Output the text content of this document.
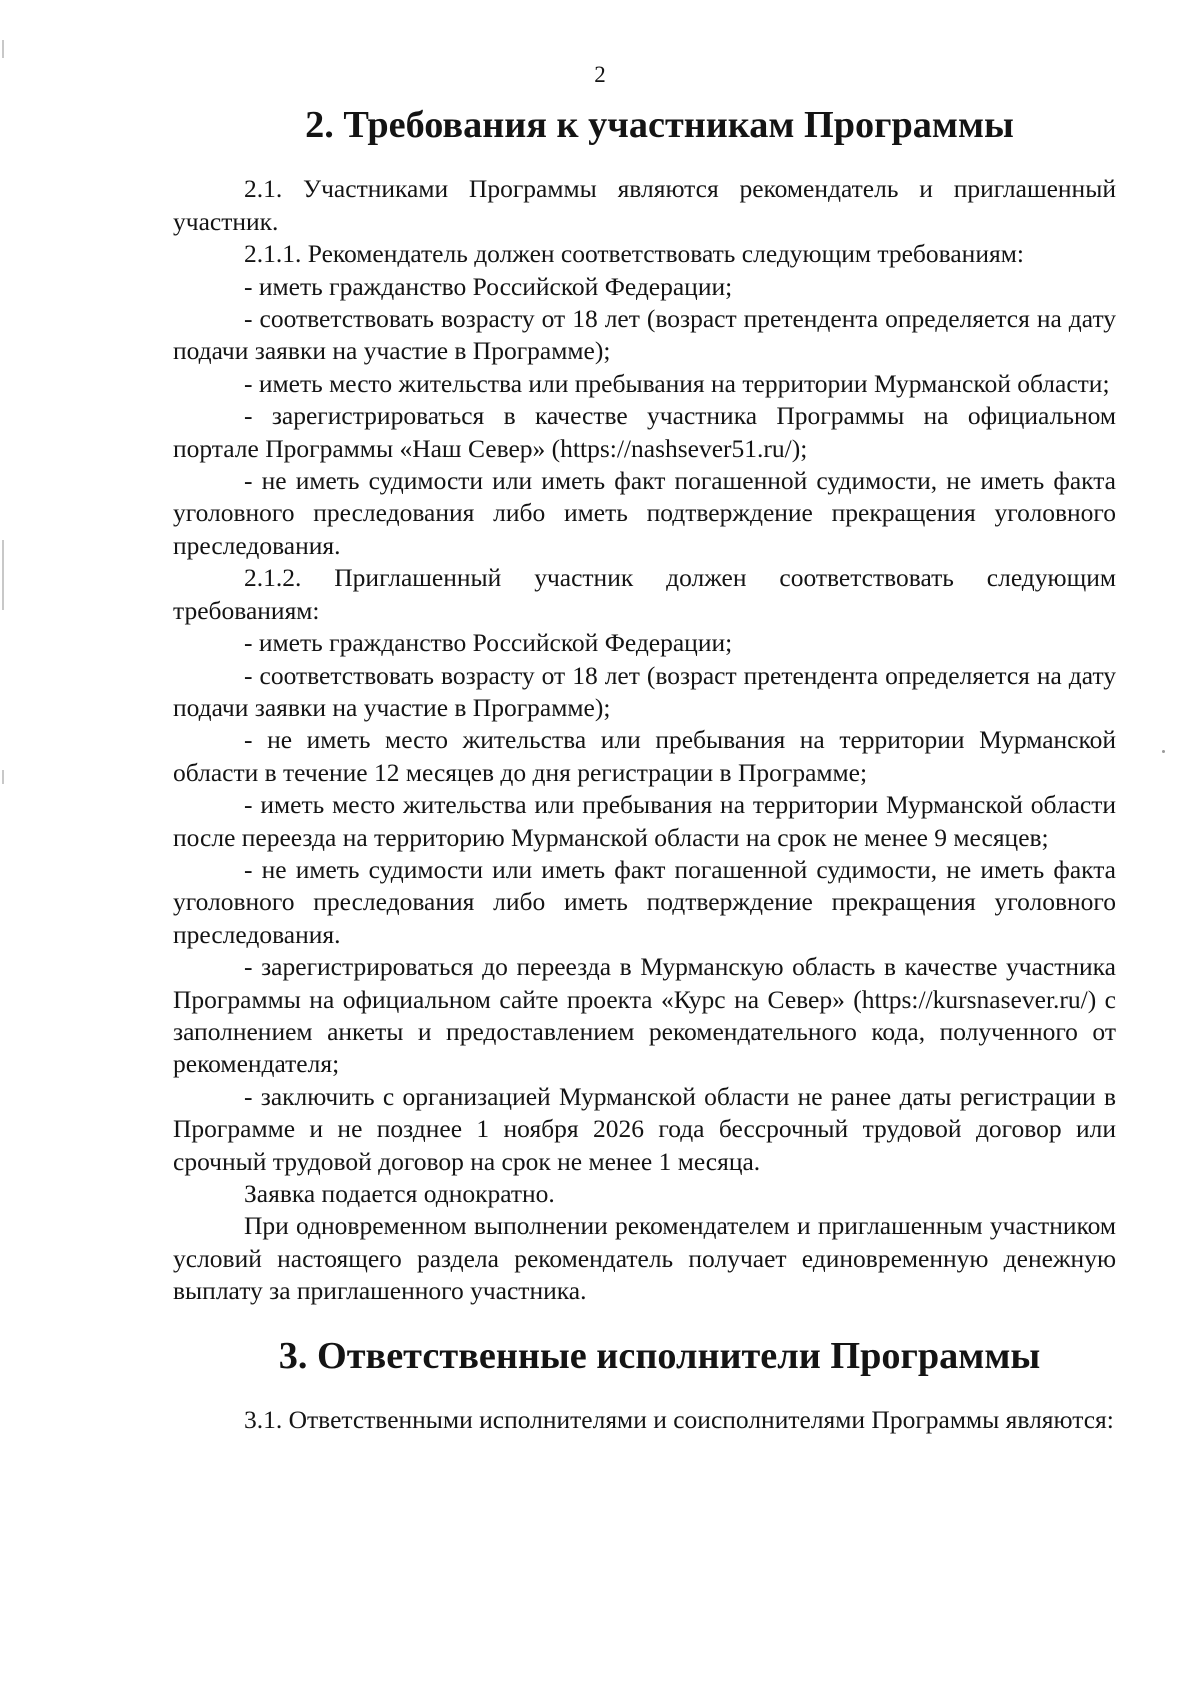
2
2. Требования к участникам Программы

2.1. Участниками Программы являются рекомендатель и приглашенный участник.

2.1.1. Рекомендатель должен соответствовать следующим требованиям:

- иметь гражданство Российской Федерации;

- соответствовать возрасту от 18 лет (возраст претендента определяется на дату подачи заявки на участие в Программе);

- иметь место жительства или пребывания на территории Мурманской области;

- зарегистрироваться в качестве участника Программы на официальном портале Программы «Наш Север» (https://nashsever51.ru/);

- не иметь судимости или иметь факт погашенной судимости, не иметь факта уголовного преследования либо иметь подтверждение прекращения уголовного преследования.

2.1.2. Приглашенный участник должен соответствовать следующим требованиям:

- иметь гражданство Российской Федерации;

- соответствовать возрасту от 18 лет (возраст претендента определяется на дату подачи заявки на участие в Программе);

- не иметь место жительства или пребывания на территории Мурманской области в течение 12 месяцев до дня регистрации в Программе;

- иметь место жительства или пребывания на территории Мурманской области после переезда на территорию Мурманской области на срок не менее 9 месяцев;

- не иметь судимости или иметь факт погашенной судимости, не иметь факта уголовного преследования либо иметь подтверждение прекращения уголовного преследования.

- зарегистрироваться до переезда в Мурманскую область в качестве участника Программы на официальном сайте проекта «Курс на Север» (https://kursnasever.ru/) с заполнением анкеты и предоставлением рекомендательного кода, полученного от рекомендателя;

- заключить с организацией Мурманской области не ранее даты регистрации в Программе и не позднее 1 ноября 2026 года бессрочный трудовой договор или срочный трудовой договор на срок не менее 1 месяца.

Заявка подается однократно.

При одновременном выполнении рекомендателем и приглашенным участником условий настоящего раздела рекомендатель получает единовременную денежную выплату за приглашенного участника.

3. Ответственные исполнители Программы

3.1. Ответственными исполнителями и соисполнителями Программы являются:
